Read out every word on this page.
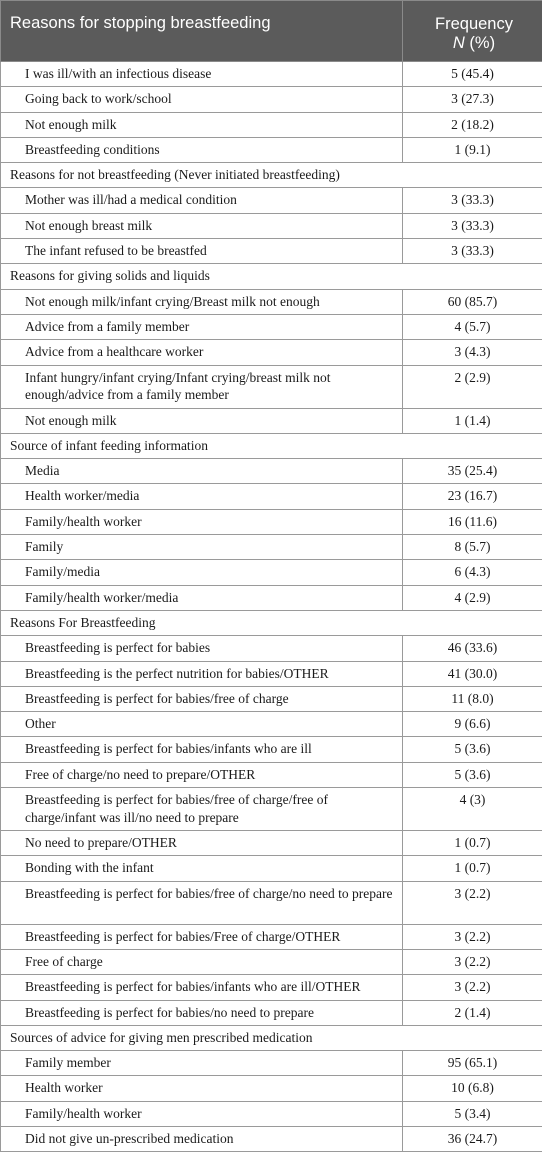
Reasons for stopping breastfeeding	Frequency
N (%)
I was ill/with an infectious disease	5 (45.4)
Going back to work/school	3 (27.3)
Not enough milk	2 (18.2)
Breastfeeding conditions	1 (9.1)
Reasons for not breastfeeding (Never initiated breastfeeding)	
Mother was ill/had a medical condition	3 (33.3)
Not enough breast milk	3 (33.3)
The infant refused to be breastfed	3 (33.3)
Reasons for giving solids and liquids	
Not enough milk/infant crying/Breast milk not enough	60 (85.7)
Advice from a family member	4 (5.7)
Advice from a healthcare worker	3 (4.3)
Infant hungry/infant crying/Infant crying/breast milk not enough/advice from a family member	2 (2.9)
Not enough milk	1 (1.4)
Source of infant feeding information	
Media	35 (25.4)
Health worker/media	23 (16.7)
Family/health worker	16 (11.6)
Family	8 (5.7)
Family/media	6 (4.3)
Family/health worker/media	4 (2.9)
Reasons For Breastfeeding	
Breastfeeding is perfect for babies	46 (33.6)
Breastfeeding is the perfect nutrition for babies/OTHER	41 (30.0)
Breastfeeding is perfect for babies/free of charge	11 (8.0)
Other	9 (6.6)
Breastfeeding is perfect for babies/infants who are ill	5 (3.6)
Free of charge/no need to prepare/OTHER	5 (3.6)
Breastfeeding is perfect for babies/free of charge/free of charge/infant was ill/no need to prepare	4 (3)
No need to prepare/OTHER	1 (0.7)
Bonding with the infant	1 (0.7)
Breastfeeding is perfect for babies/free of charge/no need to prepare	3 (2.2)
Breastfeeding is perfect for babies/Free of charge/OTHER	3 (2.2)
Free of charge	3 (2.2)
Breastfeeding is perfect for babies/infants who are ill/OTHER	3 (2.2)
Breastfeeding is perfect for babies/no need to prepare	2 (1.4)
Sources of advice for giving men prescribed medication	
Family member	95 (65.1)
Health worker	10 (6.8)
Family/health worker	5 (3.4)
Did not give un-prescribed medication	36 (24.7)
